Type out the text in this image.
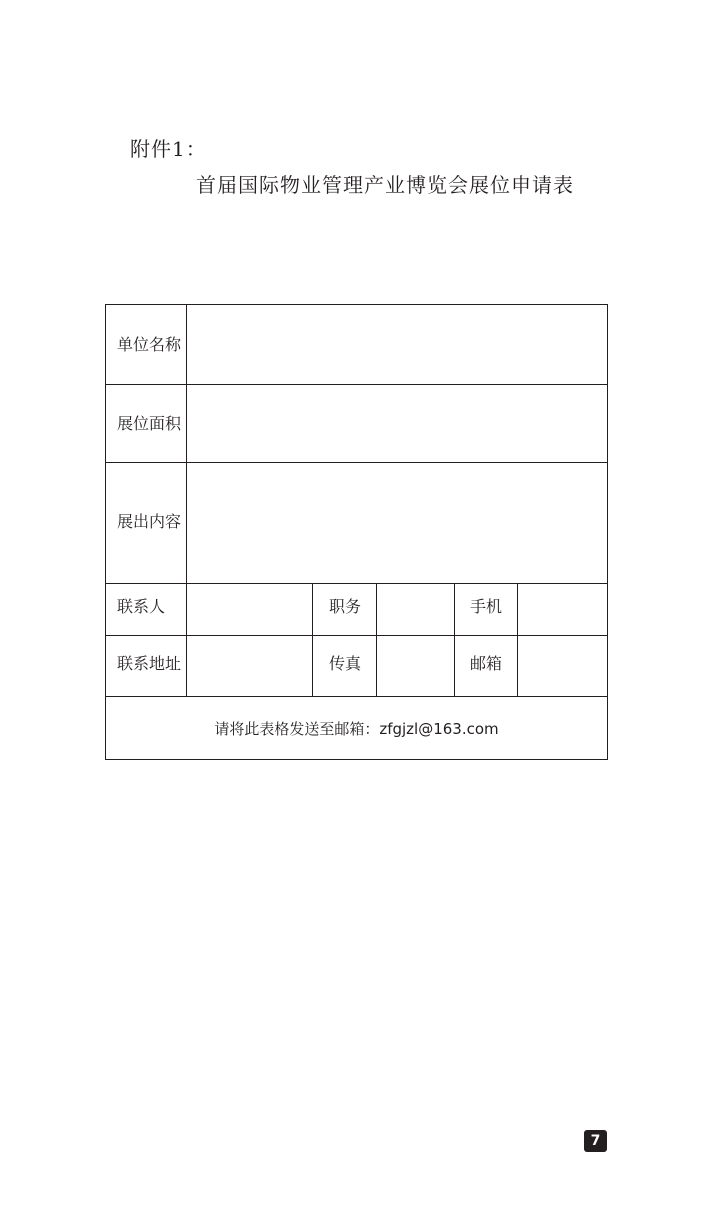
附件1：
首届国际物业管理产业博览会展位申请表
单位名称
展位面积
展出内容
联系人	职务	手机
联系地址	传真	邮箱
请将此表格发送至邮箱：zfgjzl@163.com
7
